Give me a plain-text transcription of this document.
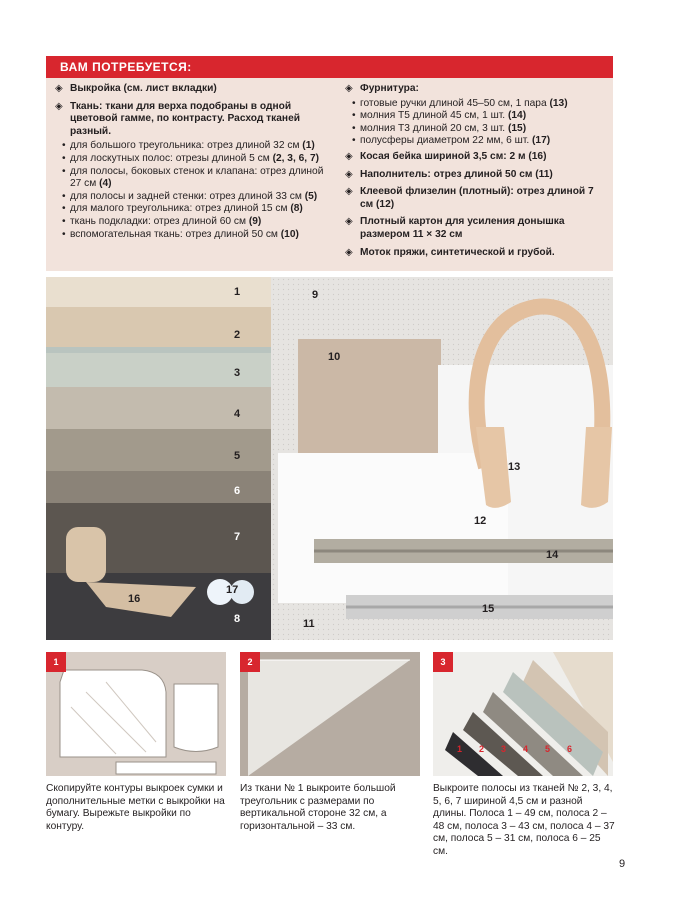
ВАМ ПОТРЕБУЕТСЯ:
◈ Выкройка (см. лист вкладки)
◈ Ткань: ткани для верха подобраны в одной цветовой гамме, по контрасту. Расход тканей разный.
• для большого треугольника: отрез длиной 32 см (1)
• для лоскутных полос: отрезы длиной 5 см (2, 3, 6, 7)
• для полосы, боковых стенок и клапана: отрез длиной 27 см (4)
• для полосы и задней стенки: отрез длиной 33 см (5)
• для малого треугольника: отрез длиной 15 см (8)
• ткань подкладки: отрез длиной 60 см (9)
• вспомогательная ткань: отрез длиной 50 см (10)
◈ Фурнитура:
• готовые ручки длиной 45–50 см, 1 пара (13)
• молния Т5 длиной 45 см, 1 шт. (14)
• молния Т3 длиной 20 см, 3 шт. (15)
• полусферы диаметром 22 мм, 6 шт. (17)
◈ Косая бейка шириной 3,5 см: 2 м (16)
◈ Наполнитель: отрез длиной 50 см (11)
◈ Клеевой флизелин (плотный): отрез длиной 7 см (12)
◈ Плотный картон для усиления донышка размером 11 × 32 см
◈ Моток пряжи, синтетической и грубой.
1
2
3
4
5
6
7
8
9
10
11
12
13
14
15
16
17
1
Скопируйте контуры выкроек сумки и дополнительные метки с выкройки на бумагу. Вырежьте выкройки по контуру.
2
Из ткани № 1 выкроите большой треугольник с размерами по вертикальной стороне 32 см, а горизонтальной – 33 см.
1 2 3 4 5 6
3
Выкроите полосы из тканей № 2, 3, 4, 5, 6, 7 шириной 4,5 см и разной длины. Полоса 1 – 49 см, полоса 2 – 48 см, полоса 3 – 43 см, полоса 4 – 37 см, полоса 5 – 31 см, полоса 6 – 25 см.
9
